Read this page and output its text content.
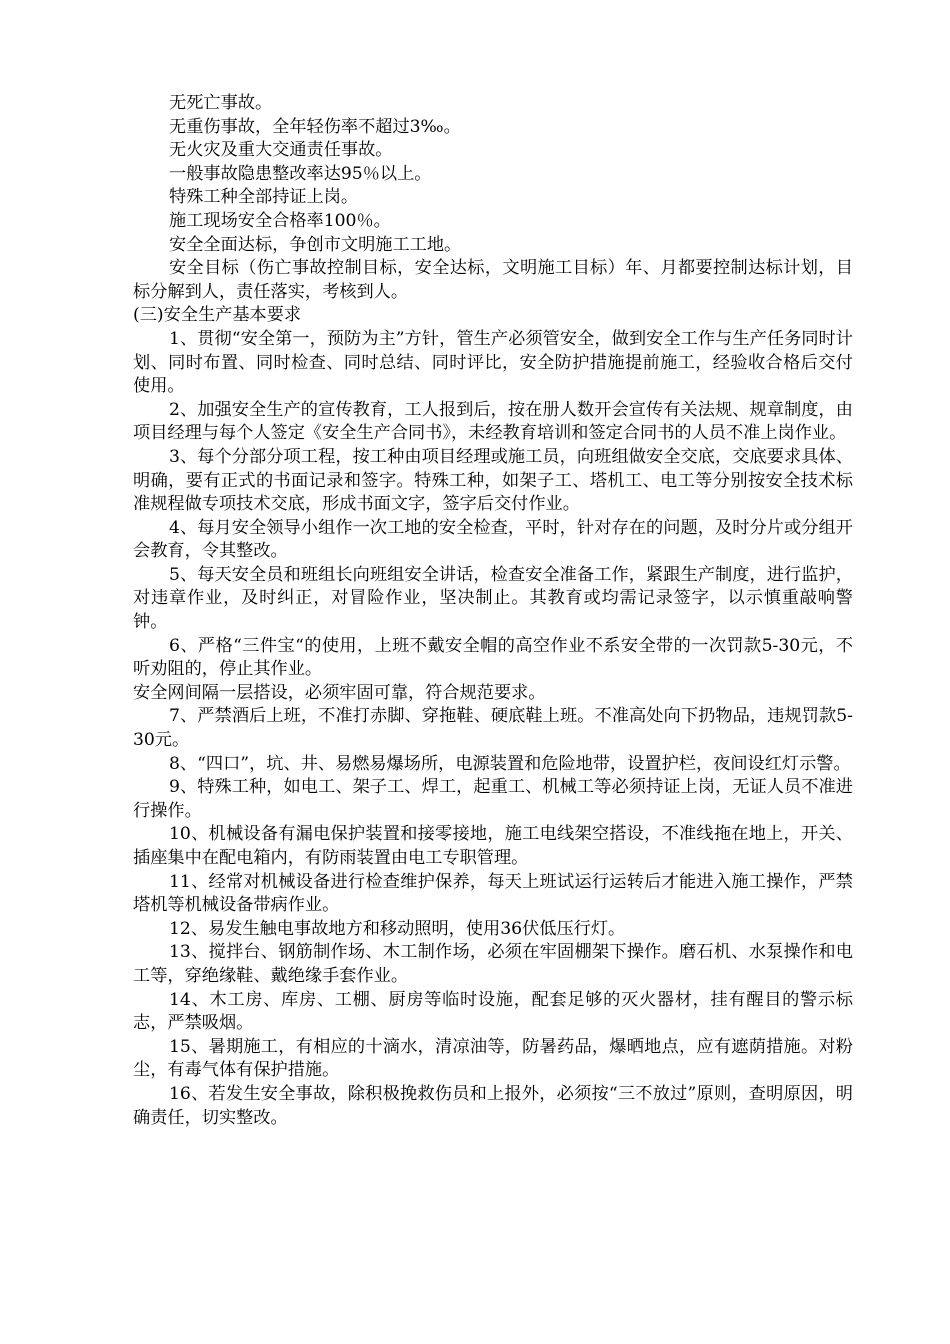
无死亡事故。

无重伤事故，全年轻伤率不超过3‰。

无火灾及重大交通责任事故。

一般事故隐患整改率达95％以上。

特殊工种全部持证上岗。

施工现场安全合格率100％。

安全全面达标，争创市文明施工工地。

安全目标（伤亡事故控制目标，安全达标，文明施工目标）年、月都要控制达标计划，目标分解到人，责任落实，考核到人。

(三)安全生产基本要求

1、贯彻“安全第一，预防为主”方针，管生产必须管安全，做到安全工作与生产任务同时计划、同时布置、同时检查、同时总结、同时评比，安全防护措施提前施工，经验收合格后交付使用。

2、加强安全生产的宣传教育，工人报到后，按在册人数开会宣传有关法规、规章制度，由项目经理与每个人签定《安全生产合同书》，未经教育培训和签定合同书的人员不准上岗作业。

3、每个分部分项工程，按工种由项目经理或施工员，向班组做安全交底，交底要求具体、明确，要有正式的书面记录和签字。特殊工种，如架子工、塔机工、电工等分别按安全技术标准规程做专项技术交底，形成书面文字，签字后交付作业。

4、每月安全领导小组作一次工地的安全检查，平时，针对存在的问题，及时分片或分组开会教育，令其整改。

5、每天安全员和班组长向班组安全讲话，检查安全准备工作，紧跟生产制度，进行监护，对违章作业，及时纠正，对冒险作业，坚决制止。其教育或均需记录签字，以示慎重敲响警钟。

6、严格“三件宝“的使用，上班不戴安全帽的高空作业不系安全带的一次罚款5-30元，不听劝阻的，停止其作业。

安全网间隔一层搭设，必须牢固可靠，符合规范要求。

7、严禁酒后上班，不准打赤脚、穿拖鞋、硬底鞋上班。不准高处向下扔物品，违规罚款5-30元。

8、“四口”，坑、井、易燃易爆场所，电源装置和危险地带，设置护栏，夜间设红灯示警。

9、特殊工种，如电工、架子工、焊工，起重工、机械工等必须持证上岗，无证人员不准进行操作。

10、机械设备有漏电保护装置和接零接地，施工电线架空搭设，不准线拖在地上，开关、插座集中在配电箱内，有防雨装置由电工专职管理。

11、经常对机械设备进行检查维护保养，每天上班试运行运转后才能进入施工操作，严禁塔机等机械设备带病作业。

12、易发生触电事故地方和移动照明，使用36伏低压行灯。

13、搅拌台、钢筋制作场、木工制作场，必须在牢固棚架下操作。磨石机、水泵操作和电工等，穿绝缘鞋、戴绝缘手套作业。

14、木工房、库房、工棚、厨房等临时设施，配套足够的灭火器材，挂有醒目的警示标志，严禁吸烟。

15、暑期施工，有相应的十滴水，清凉油等，防暑药品，爆晒地点，应有遮荫措施。对粉尘，有毒气体有保护措施。

16、若发生安全事故，除积极挽救伤员和上报外，必须按“三不放过”原则，查明原因，明确责任，切实整改。
